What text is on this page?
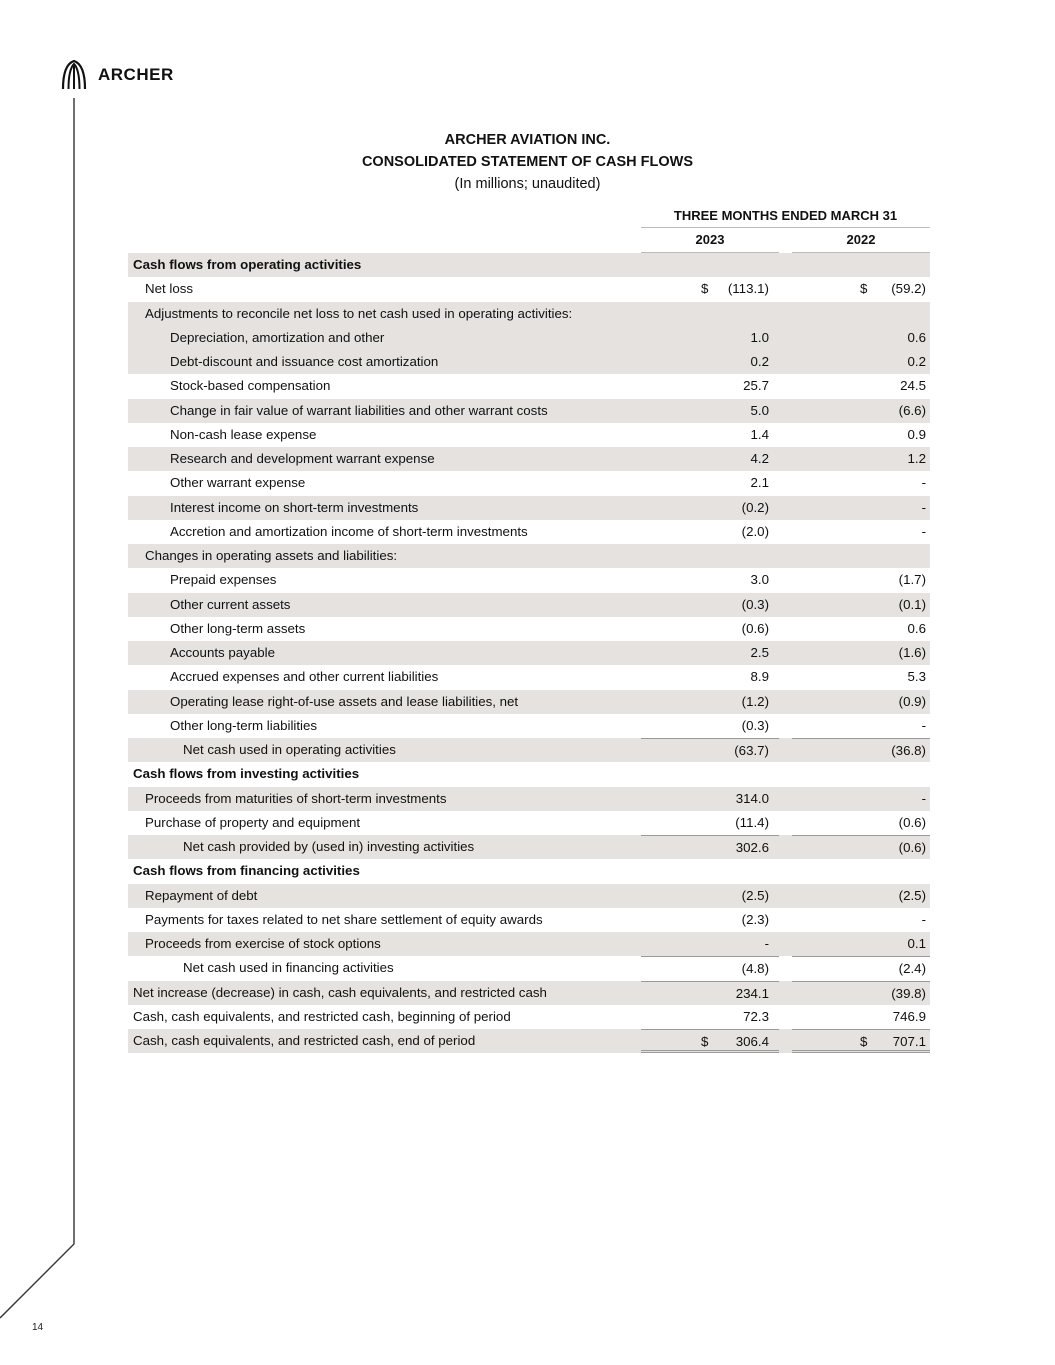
ARCHER
ARCHER AVIATION INC.
CONSOLIDATED STATEMENT OF CASH FLOWS
(In millions; unaudited)
THREE MONTHS ENDED MARCH 31
2023	2022
Cash flows from operating activities
Net loss	$ (113.1)	$ (59.2)
Adjustments to reconcile net loss to net cash used in operating activities:
Depreciation, amortization and other	1.0	0.6
Debt-discount and issuance cost amortization	0.2	0.2
Stock-based compensation	25.7	24.5
Change in fair value of warrant liabilities and other warrant costs	5.0	(6.6)
Non-cash lease expense	1.4	0.9
Research and development warrant expense	4.2	1.2
Other warrant expense	2.1	-
Interest income on short-term investments	(0.2)	-
Accretion and amortization income of short-term investments	(2.0)	-
Changes in operating assets and liabilities:
Prepaid expenses	3.0	(1.7)
Other current assets	(0.3)	(0.1)
Other long-term assets	(0.6)	0.6
Accounts payable	2.5	(1.6)
Accrued expenses and other current liabilities	8.9	5.3
Operating lease right-of-use assets and lease liabilities, net	(1.2)	(0.9)
Other long-term liabilities	(0.3)	-
Net cash used in operating activities	(63.7)	(36.8)
Cash flows from investing activities
Proceeds from maturities of short-term investments	314.0	-
Purchase of property and equipment	(11.4)	(0.6)
Net cash provided by (used in) investing activities	302.6	(0.6)
Cash flows from financing activities
Repayment of debt	(2.5)	(2.5)
Payments for taxes related to net share settlement of equity awards	(2.3)	-
Proceeds from exercise of stock options	-	0.1
Net cash used in financing activities	(4.8)	(2.4)
Net increase (decrease) in cash, cash equivalents, and restricted cash	234.1	(39.8)
Cash, cash equivalents, and restricted cash, beginning of period	72.3	746.9
Cash, cash equivalents, and restricted cash, end of period	$ 306.4	$ 707.1
14
